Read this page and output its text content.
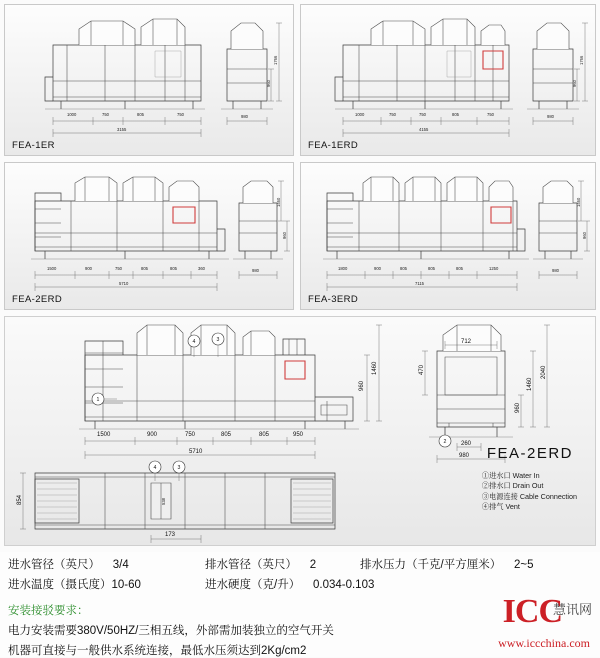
1000	750	805	750
3155
1766
960
980
FEA-1ER
1000	750	750	805	750
4155
1766
960
980
FEA-1ERD
1500	900	750	805	805	360
5710
960
1460
980
FEA-2ERD
1800	900	805	805	805	1250
7115
960
1460
980
FEA-3ERD
4	3
1
960
1460
1500	900	750	805	805	950
5710
538
4	3
854
173
2
470
960
1460
2040
712
260
980 FEA-2ERD
①进水口 Water In
②排水口 Drain Out
③电源连接 Cable Connection
④排气 Vent
进水管径（英尺） 3/4	排水管径（英尺） 2	排水压力（千克/平方厘米） 2~5
进水温度（摄氏度）10-60	进水硬度（克/升） 0.034-0.103
安装接驳要求：
电力安装需要380V/50HZ/三相五线，外部需加装独立的空气开关
机器可直接与一般供水系统连接，最低水压须达到2Kg/cm2
ICC
慧讯网
www.iccchina.com
